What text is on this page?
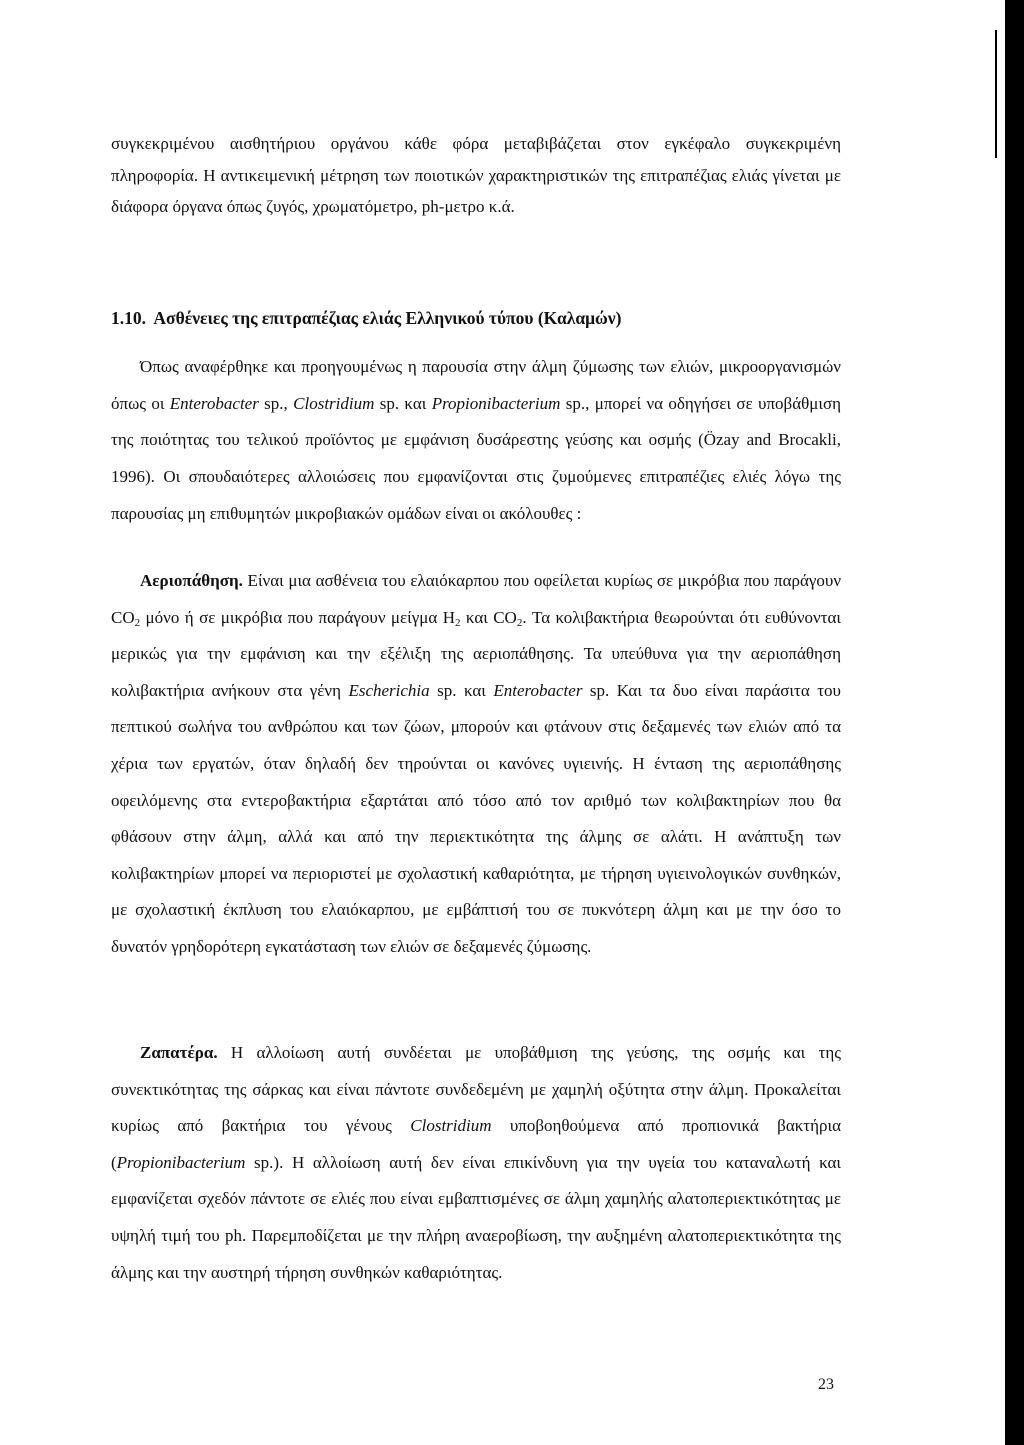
συγκεκριμένου αισθητήριου οργάνου κάθε φόρα μεταβιβάζεται στον εγκέφαλο συγκεκριμένη πληροφορία. Η αντικειμενική μέτρηση των ποιοτικών χαρακτηριστικών της επιτραπέζιας ελιάς γίνεται με διάφορα όργανα όπως ζυγός, χρωματόμετρο, ph-μετρο κ.ά.

1.10. Ασθένειες της επιτραπέζιας ελιάς Ελληνικού τύπου (Καλαμών)

Όπως αναφέρθηκε και προηγουμένως η παρουσία στην άλμη ζύμωσης των ελιών, μικροοργανισμών όπως οι Enterobacter sp., Clostridium sp. και Propionibacterium sp., μπορεί να οδηγήσει σε υποβάθμιση της ποιότητας του τελικού προϊόντος με εμφάνιση δυσάρεστης γεύσης και οσμής (Özay and Brocakli, 1996). Οι σπουδαιότερες αλλοιώσεις που εμφανίζονται στις ζυμούμενες επιτραπέζιες ελιές λόγω της παρουσίας μη επιθυμητών μικροβιακών ομάδων είναι οι ακόλουθες :

Αεριοπάθηση. Είναι μια ασθένεια του ελαιόκαρπου που οφείλεται κυρίως σε μικρόβια που παράγουν $CO_2$ μόνο ή σε μικρόβια που παράγουν μείγμα $H_2$ και $CO_2$. Τα κολιβακτήρια θεωρούνται ότι ευθύνονται μερικώς για την εμφάνιση και την εξέλιξη της αεριοπάθησης. Τα υπεύθυνα για την αεριοπάθηση κολιβακτήρια ανήκουν στα γένη Escherichia sp. και Enterobacter sp. Και τα δυο είναι παράσιτα του πεπτικού σωλήνα του ανθρώπου και των ζώων, μπορούν και φτάνουν στις δεξαμενές των ελιών από τα χέρια των εργατών, όταν δηλαδή δεν τηρούνται οι κανόνες υγιεινής. Η ένταση της αεριοπάθησης οφειλόμενης στα εντεροβακτήρια εξαρτάται από τόσο από τον αριθμό των κολιβακτηρίων που θα φθάσουν στην άλμη, αλλά και από την περιεκτικότητα της άλμης σε αλάτι. Η ανάπτυξη των κολιβακτηρίων μπορεί να περιοριστεί με σχολαστική καθαριότητα, με τήρηση υγιεινολογικών συνθηκών, με σχολαστική έκπλυση του ελαιόκαρπου, με εμβάπτισή του σε πυκνότερη άλμη και με την όσο το δυνατόν γρηδορότερη εγκατάσταση των ελιών σε δεξαμενές ζύμωσης.

Ζαπατέρα. Η αλλοίωση αυτή συνδέεται με υποβάθμιση της γεύσης, της οσμής και της συνεκτικότητας της σάρκας και είναι πάντοτε συνδεδεμένη με χαμηλή οξύτητα στην άλμη. Προκαλείται κυρίως από βακτήρια του γένους Clostridium υποβοηθούμενα από προπιονικά βακτήρια (Propionibacterium sp.). Η αλλοίωση αυτή δεν είναι επικίνδυνη για την υγεία του καταναλωτή και εμφανίζεται σχεδόν πάντοτε σε ελιές που είναι εμβαπτισμένες σε άλμη χαμηλής αλατοπεριεκτικότητας με υψηλή τιμή του ph. Παρεμποδίζεται με την πλήρη αναεροβίωση, την αυξημένη αλατοπεριεκτικότητα της άλμης και την αυστηρή τήρηση συνθηκών καθαριότητας.

23
